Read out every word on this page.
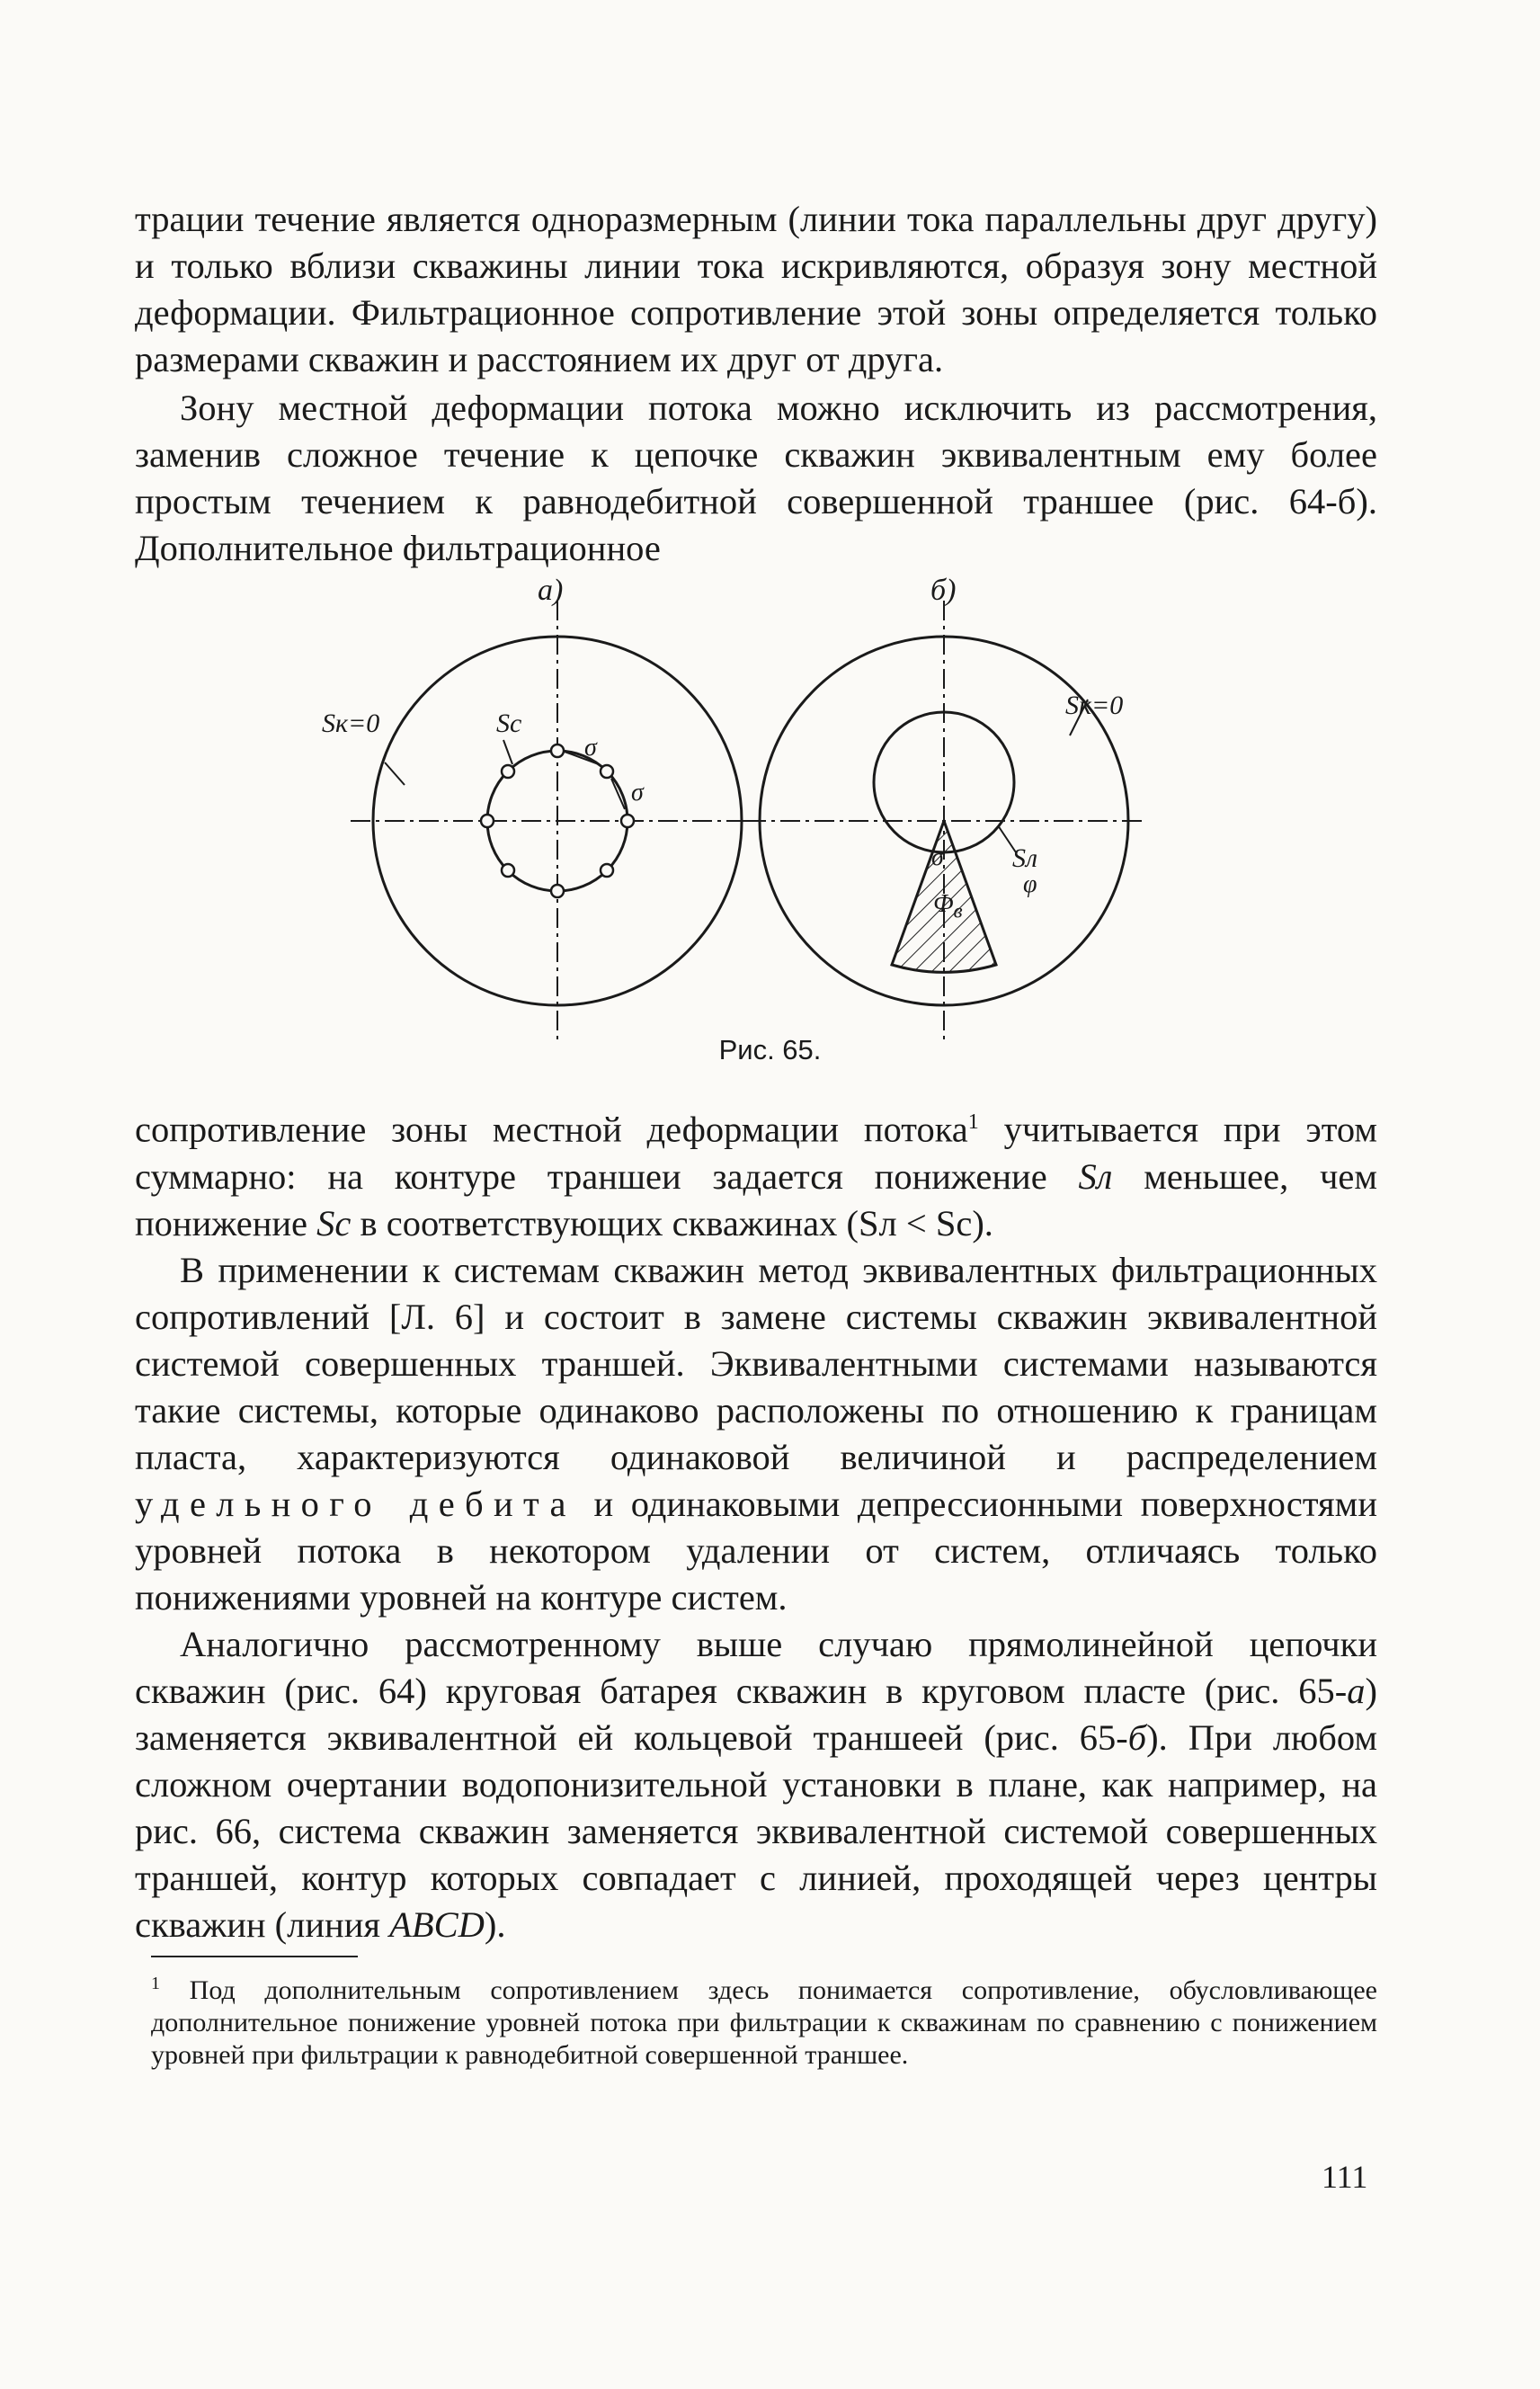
трации течение является одноразмерным (линии тока параллельны друг другу) и только вблизи скважины линии тока искривляются, образуя зону местной деформации. Фильтрационное сопротивление этой зоны определяется только размерами скважин и расстоянием их друг от друга.

Зону местной деформации потока можно исключить из рассмотрения, заменив сложное течение к цепочке скважин эквивалентным ему более простым течением к равнодебитной совершенной траншее (рис. 64-б). Дополнительное фильтрационное

а)	б)
Sк=0	Sс
σ
σ
Sк=0
Sл
σ
$Ф_в$
φ
Рис. 65.

сопротивление зоны местной деформации потока$^1$ учитывается при этом суммарно: на контуре траншеи задается понижение Sл меньшее, чем понижение Sс в соответствующих скважинах (Sл < Sс).

В применении к системам скважин метод эквивалентных фильтрационных сопротивлений [Л. 6] и состоит в замене системы скважин эквивалентной системой совершенных траншей. Эквивалентными системами называются такие системы, которые одинаково расположены по отношению к границам пласта, характеризуются одинаковой величиной и распределением удельного дебита и одинаковыми депрессионными поверхностями уровней потока в некотором удалении от систем, отличаясь только понижениями уровней на контуре систем.

Аналогично рассмотренному выше случаю прямолинейной цепочки скважин (рис. 64) круговая батарея скважин в круговом пласте (рис. 65-а) заменяется эквивалентной ей кольцевой траншеей (рис. 65-б). При любом сложном очертании водопонизительной установки в плане, как например, на рис. 66, система скважин заменяется эквивалентной системой совершенных траншей, контур которых совпадает с линией, проходящей через центры скважин (линия ABCD).

$^1$ Под дополнительным сопротивлением здесь понимается сопротивление, обусловливающее дополнительное понижение уровней потока при фильтрации к скважинам по сравнению с понижением уровней при фильтрации к равнодебитной совершенной траншее.
111
